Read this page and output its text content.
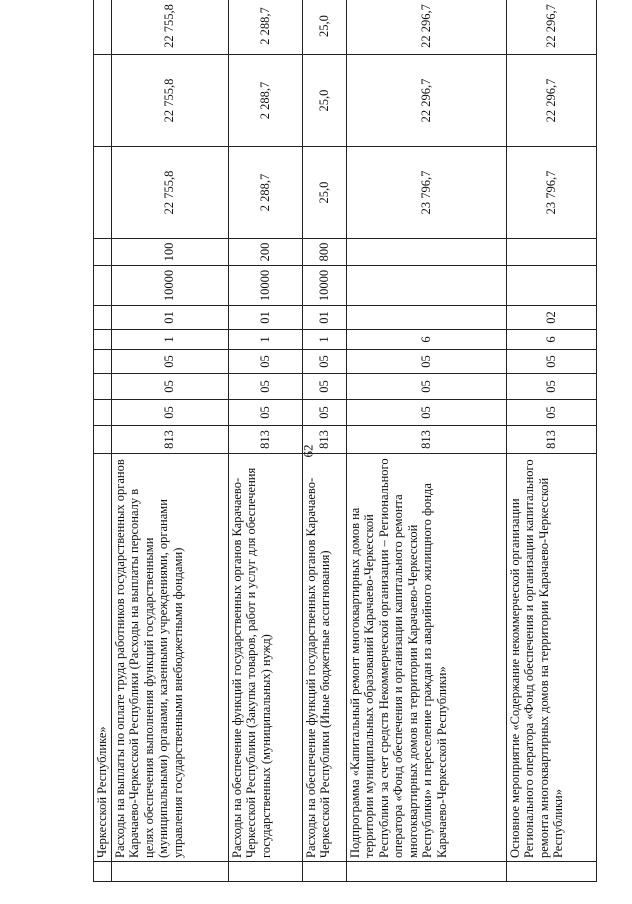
62
	Черкесской Республике»											
	Расходы на выплаты по оплате труда работников государственных органов Карачаево-Черкесской Республики (Расходы на выплаты персоналу в целях обеспечения выполнения функций государственными (муниципальными) органами, казенными учреждениями, органами управления государственными внебюджетными фондами)	813	05	05	05	1	01	10000	100	22 755,8	22 755,8	22 755,8
	Расходы на обеспечение функций государственных органов Карачаево-Черкесской Республики (Закупка товаров, работ и услуг для обеспечения государственных (муниципальных) нужд)	813	05	05	05	1	01	10000	200	2 288,7	2 288,7	2 288,7
	Расходы на обеспечение функций государственных органов Карачаево-Черкесской Республики (Иные бюджетные ассигнования)	813	05	05	05	1	01	10000	800	25,0	25,0	25,0
	Подпрограмма «Капитальный ремонт многоквартирных домов на территории муниципальных образований Карачаево-Черкесской Республики за счет средств Некоммерческой организации – Регионального оператора «Фонд обеспечения и организации капитального ремонта многоквартирных домов на территории Карачаево-Черкесской Республики» и переселение граждан из аварийного жилищного фонда Карачаево-Черкесской Республики»	813	05	05	05	6				23 796,7	22 296,7	22 296,7
	Основное мероприятие «Содержание некоммерческой организации Регионального оператора «Фонд обеспечения и организации капитального ремонта многоквартирных домов на территории Карачаево-Черкесской Республики»	813	05	05	05	6	02			23 796,7	22 296,7	22 296,7
